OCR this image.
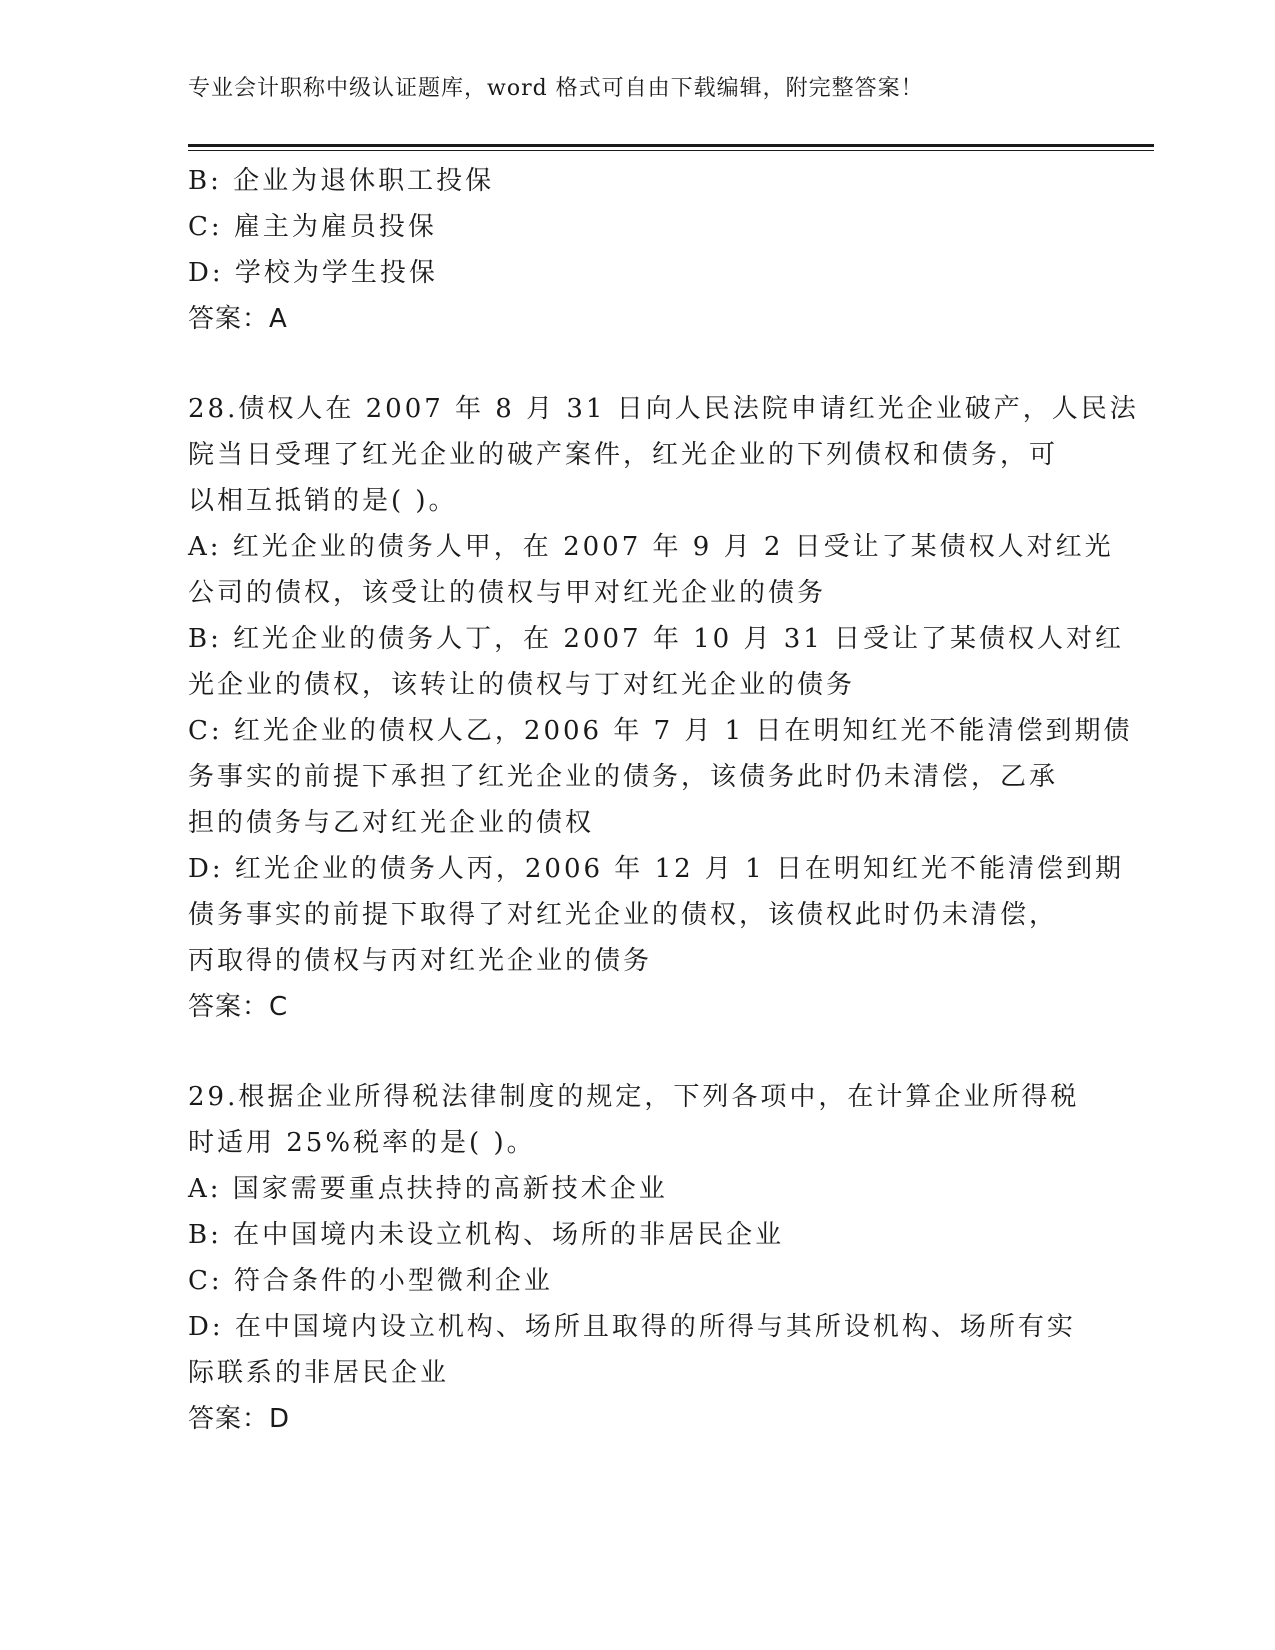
专业会计职称中级认证题库，word 格式可自由下载编辑，附完整答案！
B: 企业为退休职工投保
C: 雇主为雇员投保
D: 学校为学生投保
答案：A
28.债权人在 2007 年 8 月 31 日向人民法院申请红光企业破产，人民法
院当日受理了红光企业的破产案件，红光企业的下列债权和债务，可
以相互抵销的是( )。
A: 红光企业的债务人甲，在 2007 年 9 月 2 日受让了某债权人对红光
公司的债权，该受让的债权与甲对红光企业的债务
B: 红光企业的债务人丁，在 2007 年 10 月 31 日受让了某债权人对红
光企业的债权，该转让的债权与丁对红光企业的债务
C: 红光企业的债权人乙，2006 年 7 月 1 日在明知红光不能清偿到期债
务事实的前提下承担了红光企业的债务，该债务此时仍未清偿，乙承
担的债务与乙对红光企业的债权
D: 红光企业的债务人丙，2006 年 12 月 1 日在明知红光不能清偿到期
债务事实的前提下取得了对红光企业的债权，该债权此时仍未清偿，
丙取得的债权与丙对红光企业的债务
答案：C
29.根据企业所得税法律制度的规定，下列各项中，在计算企业所得税
时适用 25%税率的是( )。
A: 国家需要重点扶持的高新技术企业
B: 在中国境内未设立机构、场所的非居民企业
C: 符合条件的小型微利企业
D: 在中国境内设立机构、场所且取得的所得与其所设机构、场所有实
际联系的非居民企业
答案：D
